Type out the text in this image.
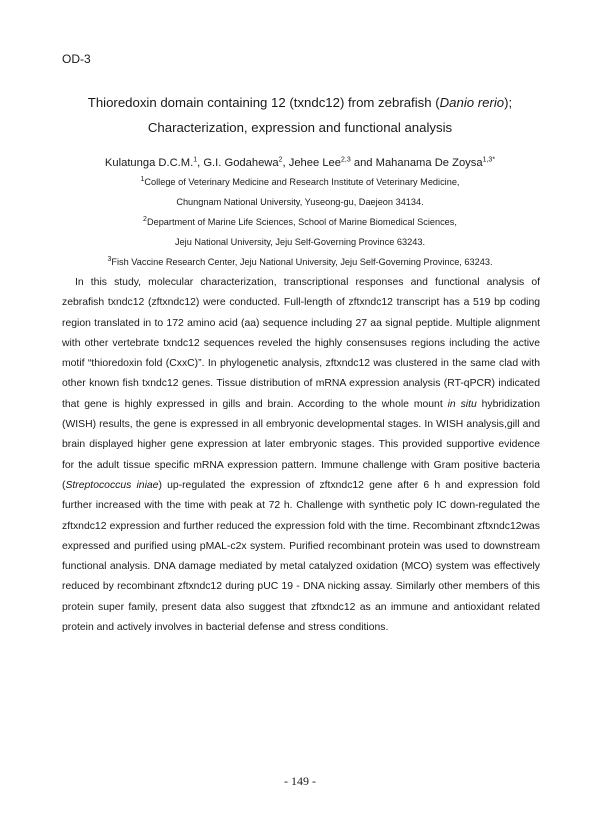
OD-3
Thioredoxin domain containing 12 (txndc12) from zebrafish (Danio rerio);
Characterization, expression and functional analysis
Kulatunga D.C.M.$^1$, G.I. Godahewa$^2$, Jehee Lee$^{2,3}$ and Mahanama De Zoysa$^{1,3*}$
$^1$College of Veterinary Medicine and Research Institute of Veterinary Medicine,
Chungnam National University, Yuseong-gu, Daejeon 34134.
$^2$Department of Marine Life Sciences, School of Marine Biomedical Sciences,
Jeju National University, Jeju Self-Governing Province 63243.
$^3$Fish Vaccine Research Center, Jeju National University, Jeju Self-Governing Province, 63243.

In this study, molecular characterization, transcriptional responses and functional analysis of zebrafish txndc12 (zftxndc12) were conducted. Full-length of zftxndc12 transcript has a 519 bp coding region translated in to 172 amino acid (aa) sequence including 27 aa signal peptide. Multiple alignment with other vertebrate txndc12 sequences reveled the highly consensuses regions including the active motif “thioredoxin fold (CxxC)”. In phylogenetic analysis, zftxndc12 was clustered in the same clad with other known fish txndc12 genes. Tissue distribution of mRNA expression analysis (RT-qPCR) indicated that gene is highly expressed in gills and brain. According to the whole mount in situ hybridization (WISH) results, the gene is expressed in all embryonic developmental stages. In WISH analysis,gill and brain displayed higher gene expression at later embryonic stages. This provided supportive evidence for the adult tissue specific mRNA expression pattern. Immune challenge with Gram positive bacteria (Streptococcus iniae) up-regulated the expression of zftxndc12 gene after 6 h and expression fold further increased with the time with peak at 72 h. Challenge with synthetic poly IC down-regulated the zftxndc12 expression and further reduced the expression fold with the time. Recombinant zftxndc12was expressed and purified using pMAL-c2x system. Purified recombinant protein was used to downstream functional analysis. DNA damage mediated by metal catalyzed oxidation (MCO) system was effectively reduced by recombinant zftxndc12 during pUC 19 - DNA nicking assay. Similarly other members of this protein super family, present data also suggest that zftxndc12 as an immune and antioxidant related protein and actively involves in bacterial defense and stress conditions.

- 149 -
